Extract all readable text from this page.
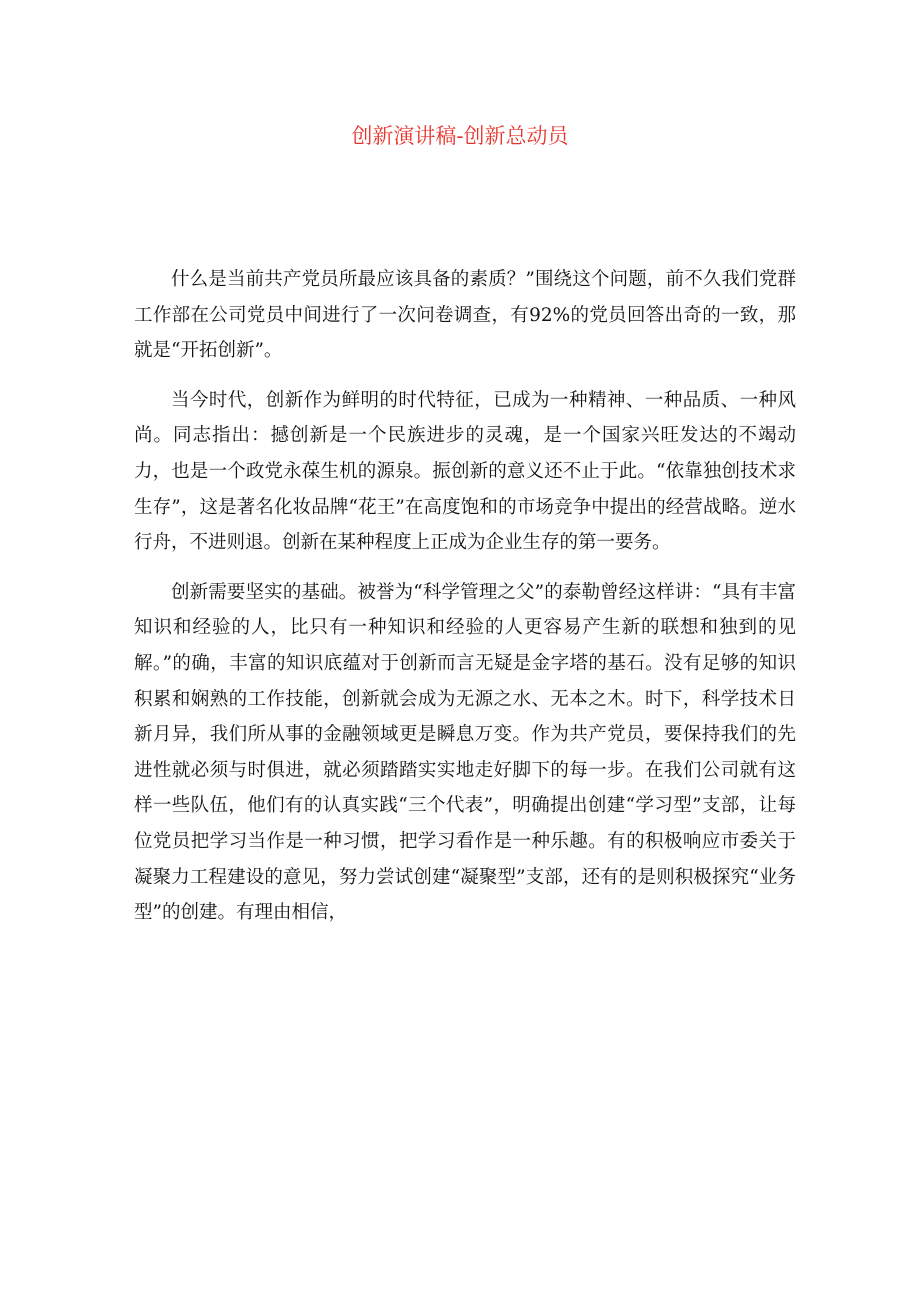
创新演讲稿-创新总动员

什么是当前共产党员所最应该具备的素质？”围绕这个问题，前不久我们党群工作部在公司党员中间进行了一次问卷调查，有92%的党员回答出奇的一致，那就是“开拓创新”。

当今时代，创新作为鲜明的时代特征，已成为一种精神、一种品质、一种风尚。同志指出：撼创新是一个民族进步的灵魂，是一个国家兴旺发达的不竭动力，也是一个政党永葆生机的源泉。振创新的意义还不止于此。“依靠独创技术求生存”，这是著名化妆品牌“花王”在高度饱和的市场竞争中提出的经营战略。逆水行舟，不进则退。创新在某种程度上正成为企业生存的第一要务。

创新需要坚实的基础。被誉为“科学管理之父”的泰勒曾经这样讲：“具有丰富知识和经验的人，比只有一种知识和经验的人更容易产生新的联想和独到的见解。”的确，丰富的知识底蕴对于创新而言无疑是金字塔的基石。没有足够的知识积累和娴熟的工作技能，创新就会成为无源之水、无本之木。时下，科学技术日新月异，我们所从事的金融领域更是瞬息万变。作为共产党员，要保持我们的先进性就必须与时俱进，就必须踏踏实实地走好脚下的每一步。在我们公司就有这样一些队伍，他们有的认真实践“三个代表”，明确提出创建“学习型”支部，让每位党员把学习当作是一种习惯，把学习看作是一种乐趣。有的积极响应市委关于凝聚力工程建设的意见，努力尝试创建“凝聚型”支部，还有的是则积极探究“业务型”的创建。有理由相信，
